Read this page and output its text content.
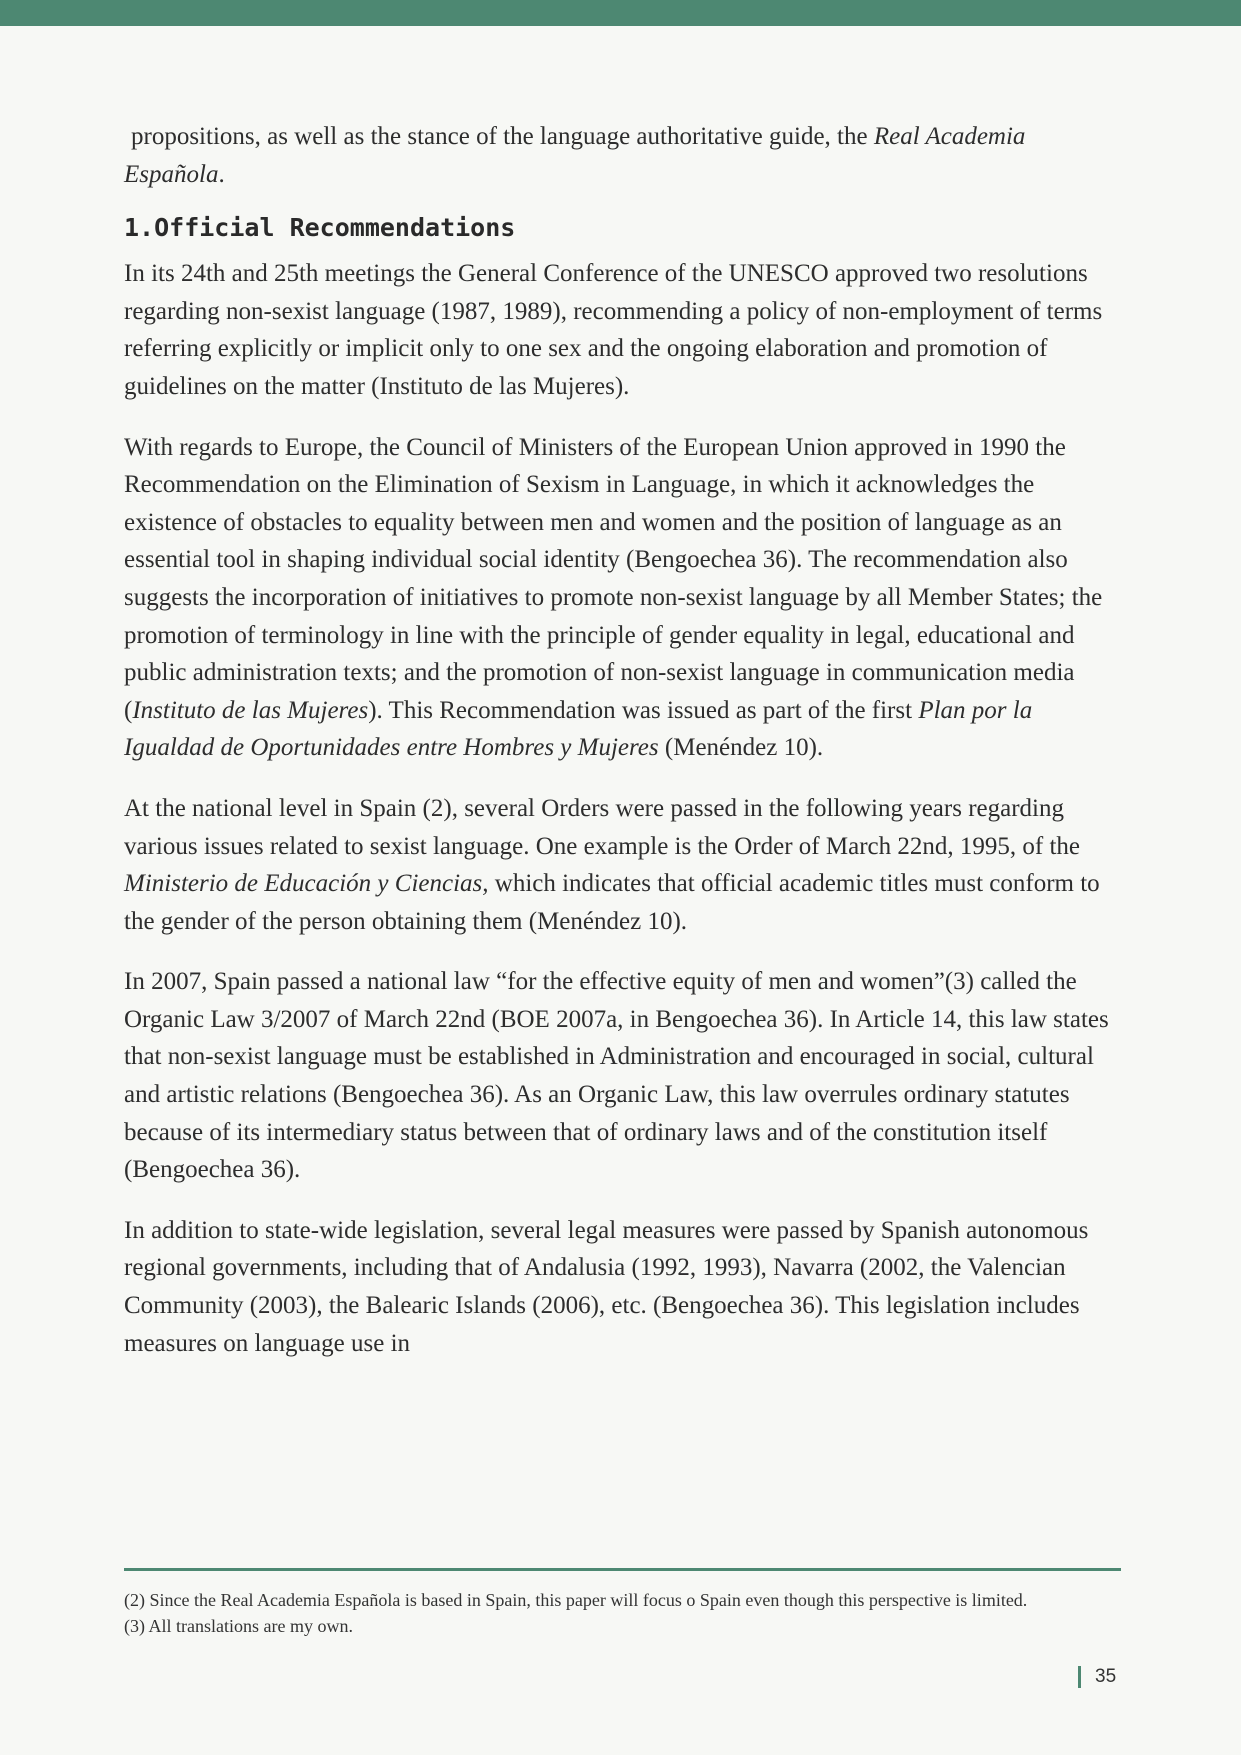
propositions, as well as the stance of the language authoritative guide, the Real Academia Española.

1.Official Recommendations

In its 24th and 25th meetings the General Conference of the UNESCO approved two resolutions regarding non-sexist language (1987, 1989), recommending a policy of non-employment of terms referring explicitly or implicit only to one sex and the ongoing elaboration and promotion of guidelines on the matter (Instituto de las Mujeres).

With regards to Europe, the Council of Ministers of the European Union approved in 1990 the Recommendation on the Elimination of Sexism in Language, in which it acknowledges the existence of obstacles to equality between men and women and the position of language as an essential tool in shaping individual social identity (Bengoechea 36). The recommendation also suggests the incorporation of initiatives to promote non-sexist language by all Member States; the promotion of terminology in line with the principle of gender equality in legal, educational and public administration texts; and the promotion of non-sexist language in communication media (Instituto de las Mujeres). This Recommendation was issued as part of the first Plan por la Igualdad de Oportunidades entre Hombres y Mujeres (Menéndez 10).

At the national level in Spain (2), several Orders were passed in the following years regarding various issues related to sexist language. One example is the Order of March 22nd, 1995, of the Ministerio de Educación y Ciencias, which indicates that official academic titles must conform to the gender of the person obtaining them (Menéndez 10).

In 2007, Spain passed a national law “for the effective equity of men and women”(3) called the Organic Law 3/2007 of March 22nd (BOE 2007a, in Bengoechea 36). In Article 14, this law states that non-sexist language must be established in Administration and encouraged in social, cultural and artistic relations (Bengoechea 36). As an Organic Law, this law overrules ordinary statutes because of its intermediary status between that of ordinary laws and of the constitution itself (Bengoechea 36).

In addition to state-wide legislation, several legal measures were passed by Spanish autonomous regional governments, including that of Andalusia (1992, 1993), Navarra (2002, the Valencian Community (2003), the Balearic Islands (2006), etc. (Bengoechea 36). This legislation includes measures on language use in

(2) Since the Real Academia Española is based in Spain, this paper will focus o Spain even though this perspective is limited.

(3) All translations are my own.

35
